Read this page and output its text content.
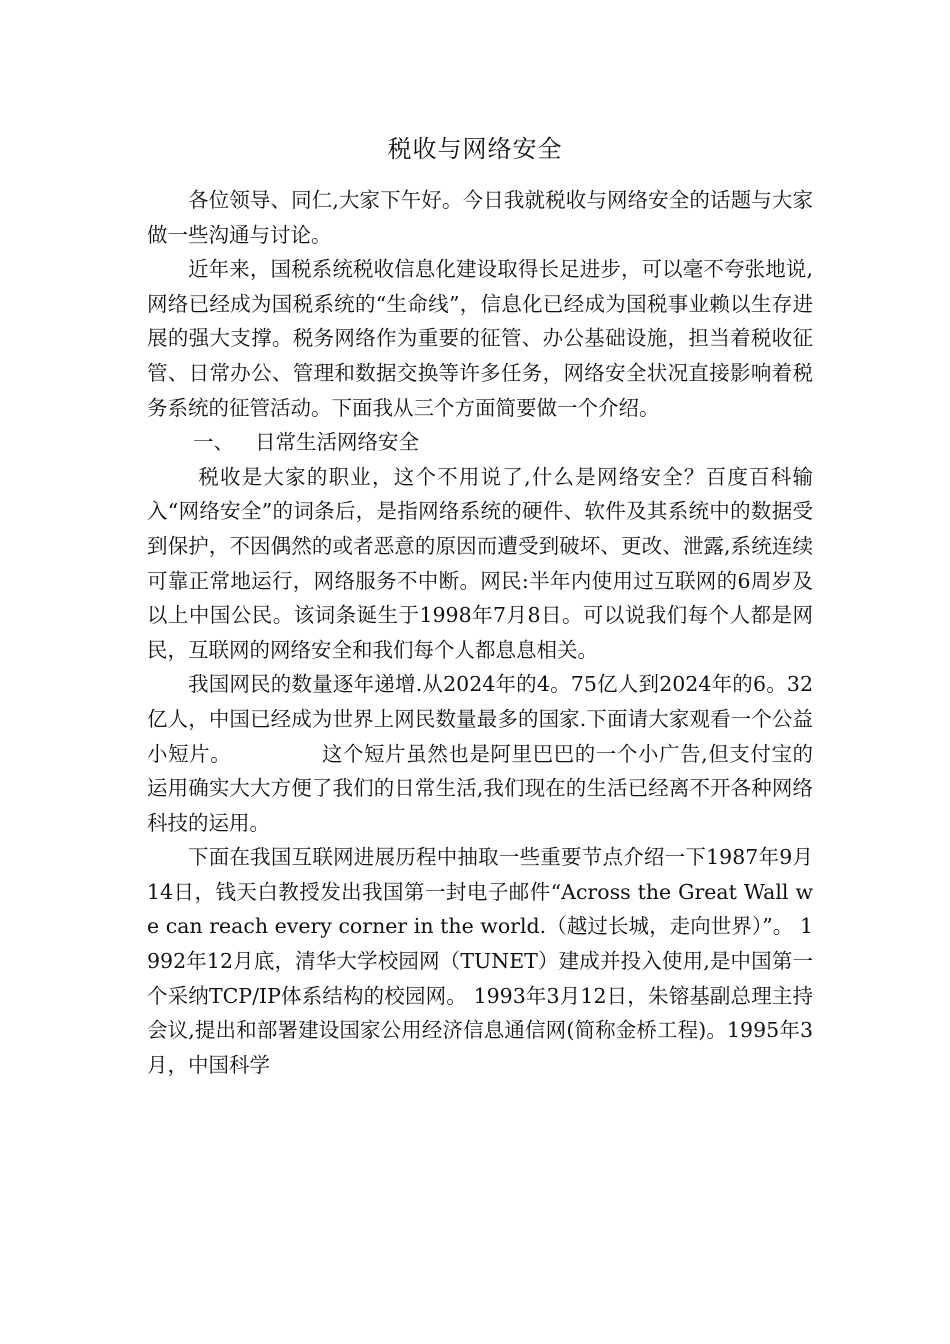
税收与网络安全

各位领导、同仁,大家下午好。今日我就税收与网络安全的话题与大家做一些沟通与讨论。

近年来，国税系统税收信息化建设取得长足进步，可以毫不夸张地说,网络已经成为国税系统的“生命线”，信息化已经成为国税事业赖以生存进展的强大支撑。税务网络作为重要的征管、办公基础设施，担当着税收征管、日常办公、管理和数据交换等许多任务，网络安全状况直接影响着税务系统的征管活动。下面我从三个方面简要做一个介绍。

一、 日常生活网络安全

税收是大家的职业，这个不用说了,什么是网络安全？百度百科输入“网络安全”的词条后，是指网络系统的硬件、软件及其系统中的数据受到保护，不因偶然的或者恶意的原因而遭受到破坏、更改、泄露,系统连续可靠正常地运行，网络服务不中断。网民:半年内使用过互联网的6周岁及以上中国公民。该词条诞生于1998年7月8日。可以说我们每个人都是网民，互联网的网络安全和我们每个人都息息相关。

我国网民的数量逐年递增.从2024年的4。75亿人到2024年的6。32亿人，中国已经成为世界上网民数量最多的国家.下面请大家观看一个公益小短片。	这个短片虽然也是阿里巴巴的一个小广告,但支付宝的运用确实大大方便了我们的日常生活,我们现在的生活已经离不开各种网络科技的运用。

下面在我国互联网进展历程中抽取一些重要节点介绍一下1987年9月14日，钱天白教授发出我国第一封电子邮件“Across the Great Wall we can reach every corner in the world.（越过长城，走向世界）”。 1992年12月底，清华大学校园网（TUNET）建成并投入使用,是中国第一个采纳TCP/IP体系结构的校园网。 1993年3月12日，朱镕基副总理主持会议,提出和部署建设国家公用经济信息通信网(简称金桥工程)。1995年3月，中国科学
